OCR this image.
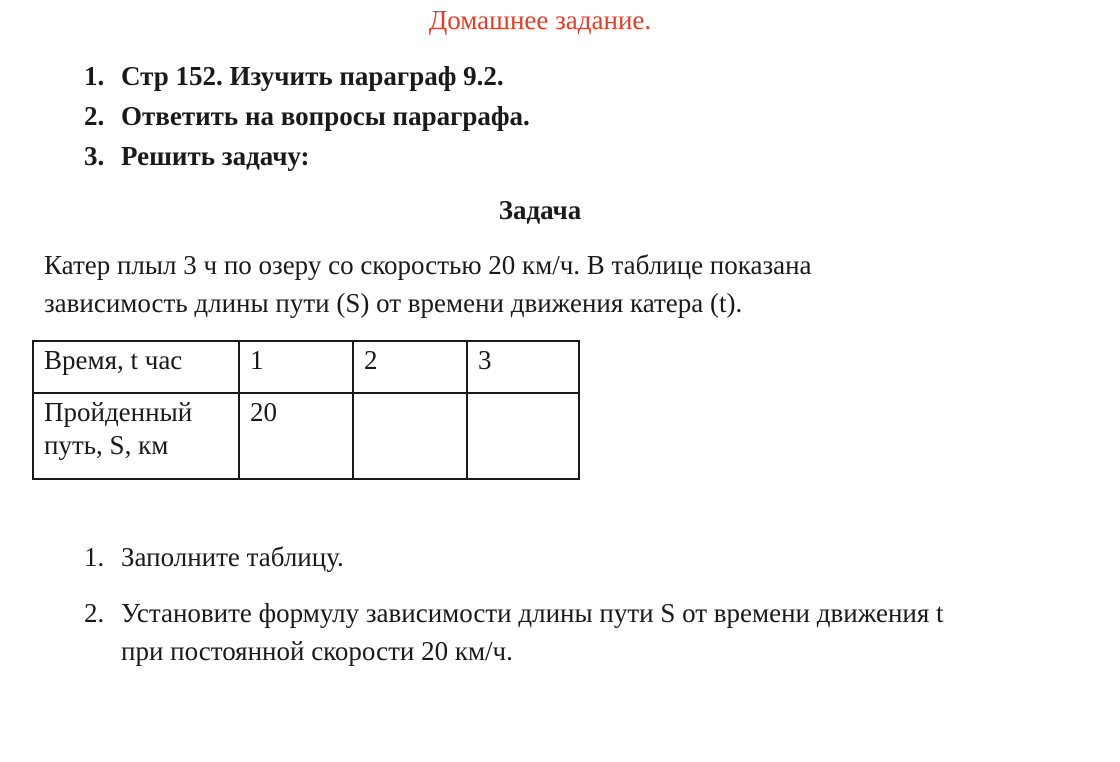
Домашнее задание.
1. Стр 152. Изучить параграф 9.2.
2. Ответить на вопросы параграфа.
3. Решить задачу:
Задача
Катер плыл 3 ч по озеру со скоростью 20 км/ч. В таблице показана
зависимость длины пути (S) от времени движения катера (t).
Время, t час	1	2	3
Пройденный путь, S, км	20		
1. Заполните таблицу.
2. Установите формулу зависимости длины пути S от времени движения t
при постоянной скорости 20 км/ч.
